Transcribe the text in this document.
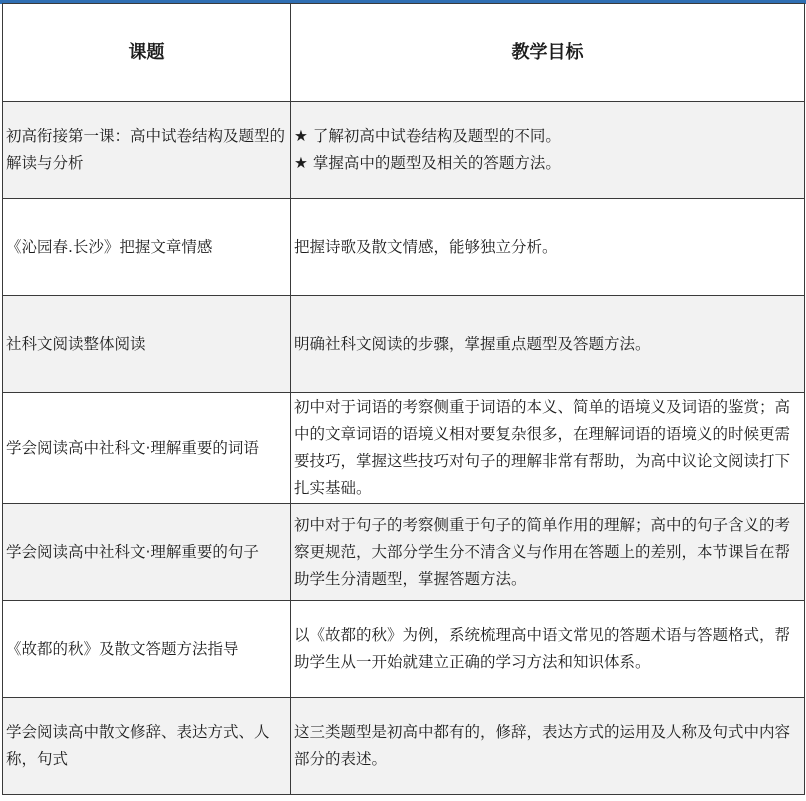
课题	教学目标
初高衔接第一课：高中试卷结构及题型的解读与分析	★ 了解初高中试卷结构及题型的不同。
★ 掌握高中的题型及相关的答题方法。

《沁园春.长沙》把握文章情感	把握诗歌及散文情感，能够独立分析。
社科文阅读整体阅读	明确社科文阅读的步骤，掌握重点题型及答题方法。
学会阅读高中社科文·理解重要的词语	初中对于词语的考察侧重于词语的本义、简单的语境义及词语的鉴赏；高中的文章词语的语境义相对要复杂很多，在理解词语的语境义的时候更需要技巧，掌握这些技巧对句子的理解非常有帮助，为高中议论文阅读打下扎实基础。
学会阅读高中社科文·理解重要的句子	初中对于句子的考察侧重于句子的简单作用的理解；高中的句子含义的考察更规范，大部分学生分不清含义与作用在答题上的差别，本节课旨在帮助学生分清题型，掌握答题方法。
《故都的秋》及散文答题方法指导	以《故都的秋》为例，系统梳理高中语文常见的答题术语与答题格式，帮助学生从一开始就建立正确的学习方法和知识体系。
学会阅读高中散文修辞、表达方式、人称，句式	这三类题型是初高中都有的，修辞，表达方式的运用及人称及句式中内容部分的表述。
